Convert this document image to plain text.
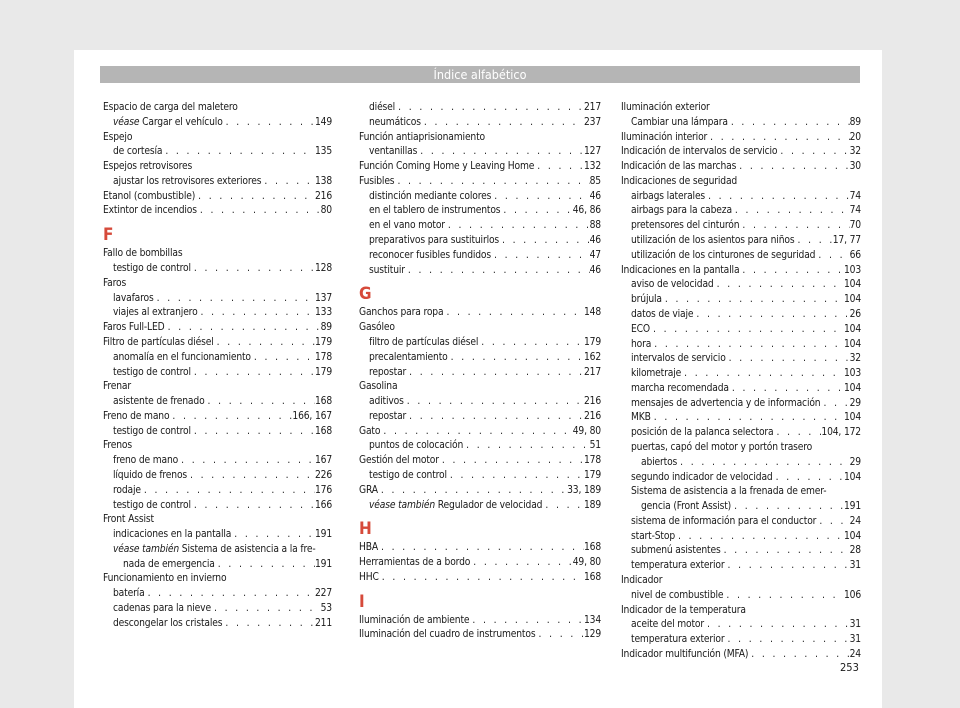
Índice alfabético
Espacio de carga del maletero
véase Cargar el vehículo . . .	149
Espejo
de cortesía . . .	135
Espejos retrovisores
ajustar los retrovisores exteriores . . .	138
Etanol (combustible) . . .	216
Extintor de incendios . . .	80
F
Fallo de bombillas
testigo de control . . .	128
Faros
lavafaros . . .	137
viajes al extranjero . . .	133
Faros Full-LED . . .	89
Filtro de partículas diésel . . .	179
anomalía en el funcionamiento . . .	178
testigo de control . . .	179
Frenar
asistente de frenado . . .	168
Freno de mano . . .	166, 167
testigo de control . . .	168
Frenos
freno de mano . . .	167
líquido de frenos . . .	226
rodaje . . .	176
testigo de control . . .	166
Front Assist
indicaciones en la pantalla . . .	191
véase también Sistema de asistencia a la fre-
nada de emergencia . . .	191
Funcionamiento en invierno
batería . . .	227
cadenas para la nieve . . .	53
descongelar los cristales . . .	211
diésel . . .	217
neumáticos . . .	237
Función antiaprisionamiento
ventanillas . . .	127
Función Coming Home y Leaving Home . . .	132
Fusibles . . .	85
distinción mediante colores . . .	46
en el tablero de instrumentos . . .	46, 86
en el vano motor . . .	88
preparativos para sustituirlos . . .	46
reconocer fusibles fundidos . . .	47
sustituir . . .	46
G
Ganchos para ropa . . .	148
Gasóleo
filtro de partículas diésel . . .	179
precalentamiento . . .	162
repostar . . .	217
Gasolina
aditivos . . .	216
repostar . . .	216
Gato . . .	49, 80
puntos de colocación . . .	51
Gestión del motor . . .	178
testigo de control . . .	179
GRA . . .	33, 189
véase también Regulador de velocidad . . .	189
H
HBA . . .	168
Herramientas de a bordo . . .	49, 80
HHC . . .	168
I
Iluminación de ambiente . . .	134
Iluminación del cuadro de instrumentos . . .	129
Iluminación exterior
Cambiar una lámpara . . .	89
Iluminación interior . . .	20
Indicación de intervalos de servicio . . .	32
Indicación de las marchas . . .	30
Indicaciones de seguridad
airbags laterales . . .	74
airbags para la cabeza . . .	74
pretensores del cinturón . . .	70
utilización de los asientos para niños . . .	17, 77
utilización de los cinturones de seguridad . . .	66
Indicaciones en la pantalla . . .	103
aviso de velocidad . . .	104
brújula . . .	104
datos de viaje . . .	26
ECO . . .	104
hora . . .	104
intervalos de servicio . . .	32
kilometraje . . .	103
marcha recomendada . . .	104
mensajes de advertencia y de información . . .	29
MKB . . .	104
posición de la palanca selectora . . .	104, 172
puertas, capó del motor y portón trasero
abiertos . . .	29
segundo indicador de velocidad . . .	104
Sistema de asistencia a la frenada de emer-
gencia (Front Assist) . . .	191
sistema de información para el conductor . . .	24
start-Stop . . .	104
submenú asistentes . . .	28
temperatura exterior . . .	31
Indicador
nivel de combustible . . .	106
Indicador de la temperatura
aceite del motor . . .	31
temperatura exterior . . .	31
Indicador multifunción (MFA) . . .	24
253
